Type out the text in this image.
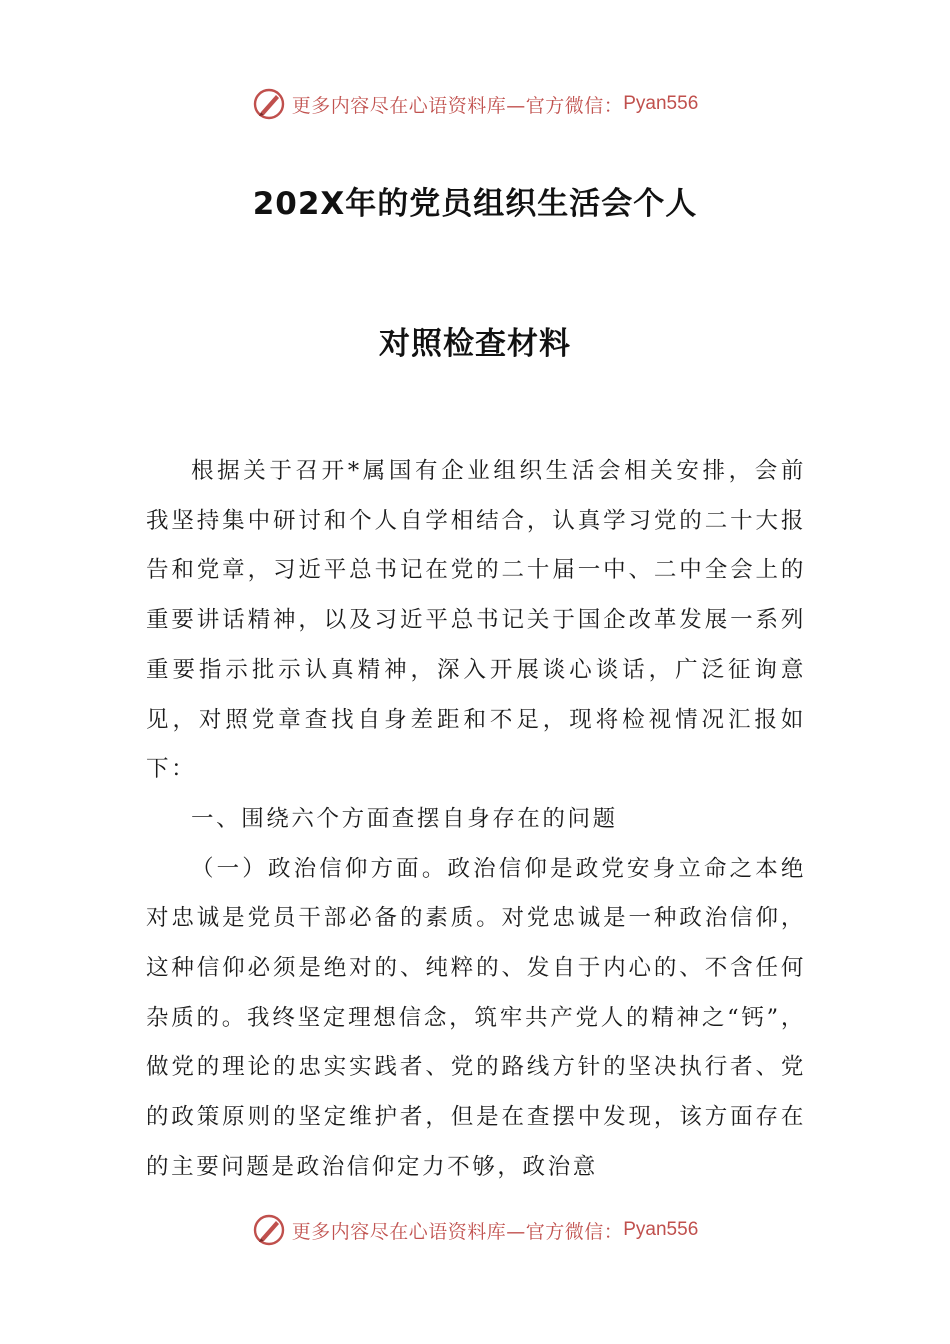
更多内容尽在心语资料库—官方微信： Pyan556
202X年的党员组织生活会个人
对照检查材料

根据关于召开*属国有企业组织生活会相关安排，会前我坚持集中研讨和个人自学相结合，认真学习党的二十大报告和党章，习近平总书记在党的二十届一中、二中全会上的重要讲话精神，以及习近平总书记关于国企改革发展一系列重要指示批示认真精神，深入开展谈心谈话，广泛征询意见，对照党章查找自身差距和不足，现将检视情况汇报如下：

一、围绕六个方面查摆自身存在的问题

（一）政治信仰方面。政治信仰是政党安身立命之本绝对忠诚是党员干部必备的素质。对党忠诚是一种政治信仰，这种信仰必须是绝对的、纯粹的、发自于内心的、不含任何杂质的。我终坚定理想信念，筑牢共产党人的精神之“钙”，做党的理论的忠实实践者、党的路线方针的坚决执行者、党的政策原则的坚定维护者，但是在查摆中发现，该方面存在的主要问题是政治信仰定力不够，政治意

更多内容尽在心语资料库—官方微信： Pyan556
